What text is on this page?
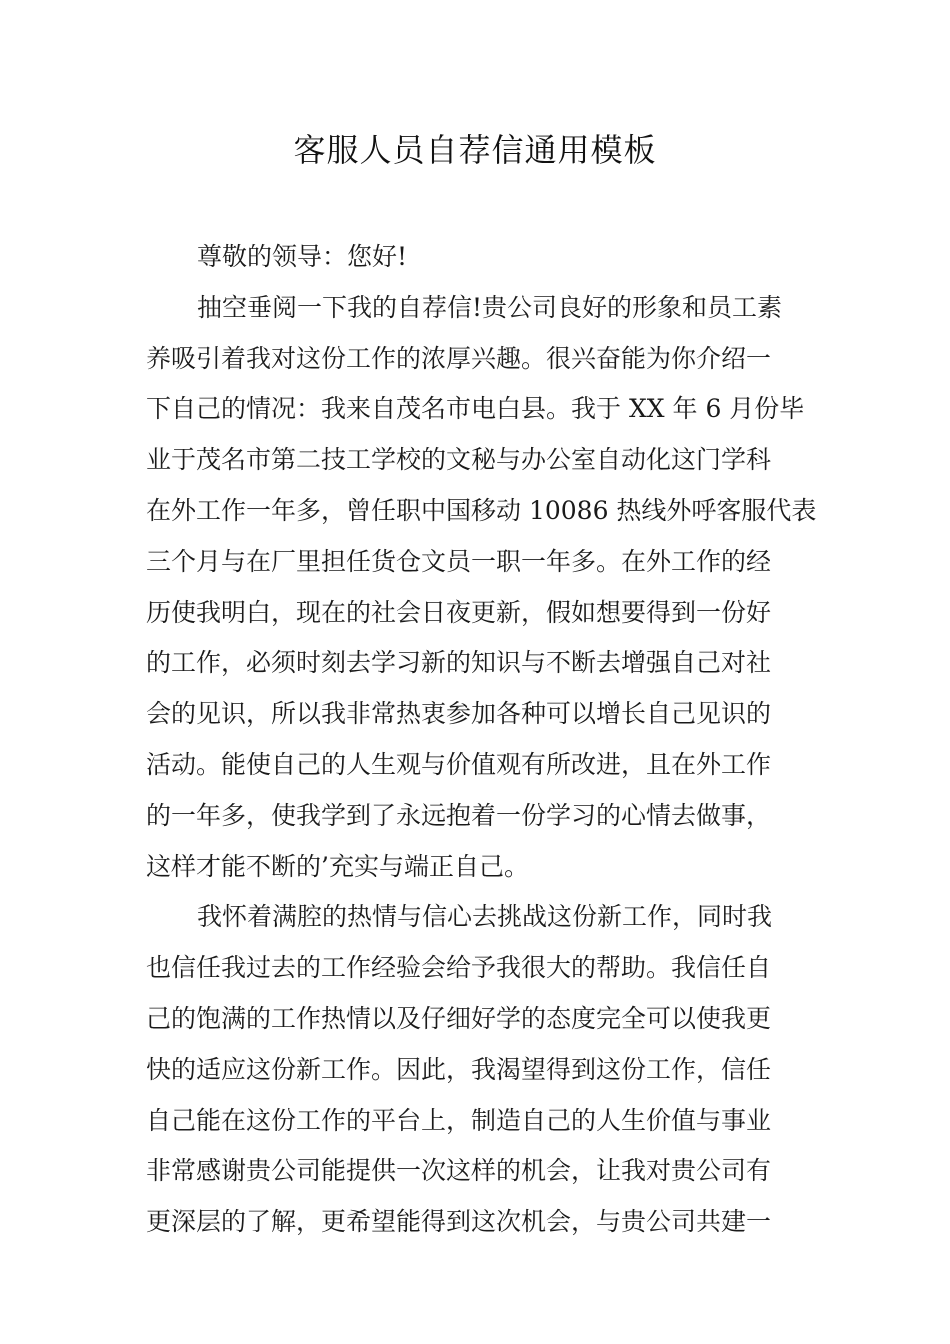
客服人员自荐信通用模板
尊敬的领导：您好!
抽空垂阅一下我的自荐信!贵公司良好的形象和员工素
养吸引着我对这份工作的浓厚兴趣。很兴奋能为你介绍一
下自己的情况：我来自茂名市电白县。我于 XX 年 6 月份毕
业于茂名市第二技工学校的文秘与办公室自动化这门学科
在外工作一年多，曾任职中国移动 10086 热线外呼客服代表
三个月与在厂里担任货仓文员一职一年多。在外工作的经
历使我明白，现在的社会日夜更新，假如想要得到一份好
的工作，必须时刻去学习新的知识与不断去增强自己对社
会的见识，所以我非常热衷参加各种可以增长自己见识的
活动。能使自己的人生观与价值观有所改进，且在外工作
的一年多，使我学到了永远抱着一份学习的心情去做事，
这样才能不断的’充实与端正自己。
我怀着满腔的热情与信心去挑战这份新工作，同时我
也信任我过去的工作经验会给予我很大的帮助。我信任自
己的饱满的工作热情以及仔细好学的态度完全可以使我更
快的适应这份新工作。因此，我渴望得到这份工作，信任
自己能在这份工作的平台上，制造自己的人生价值与事业
非常感谢贵公司能提供一次这样的机会，让我对贵公司有
更深层的了解，更希望能得到这次机会，与贵公司共建一
